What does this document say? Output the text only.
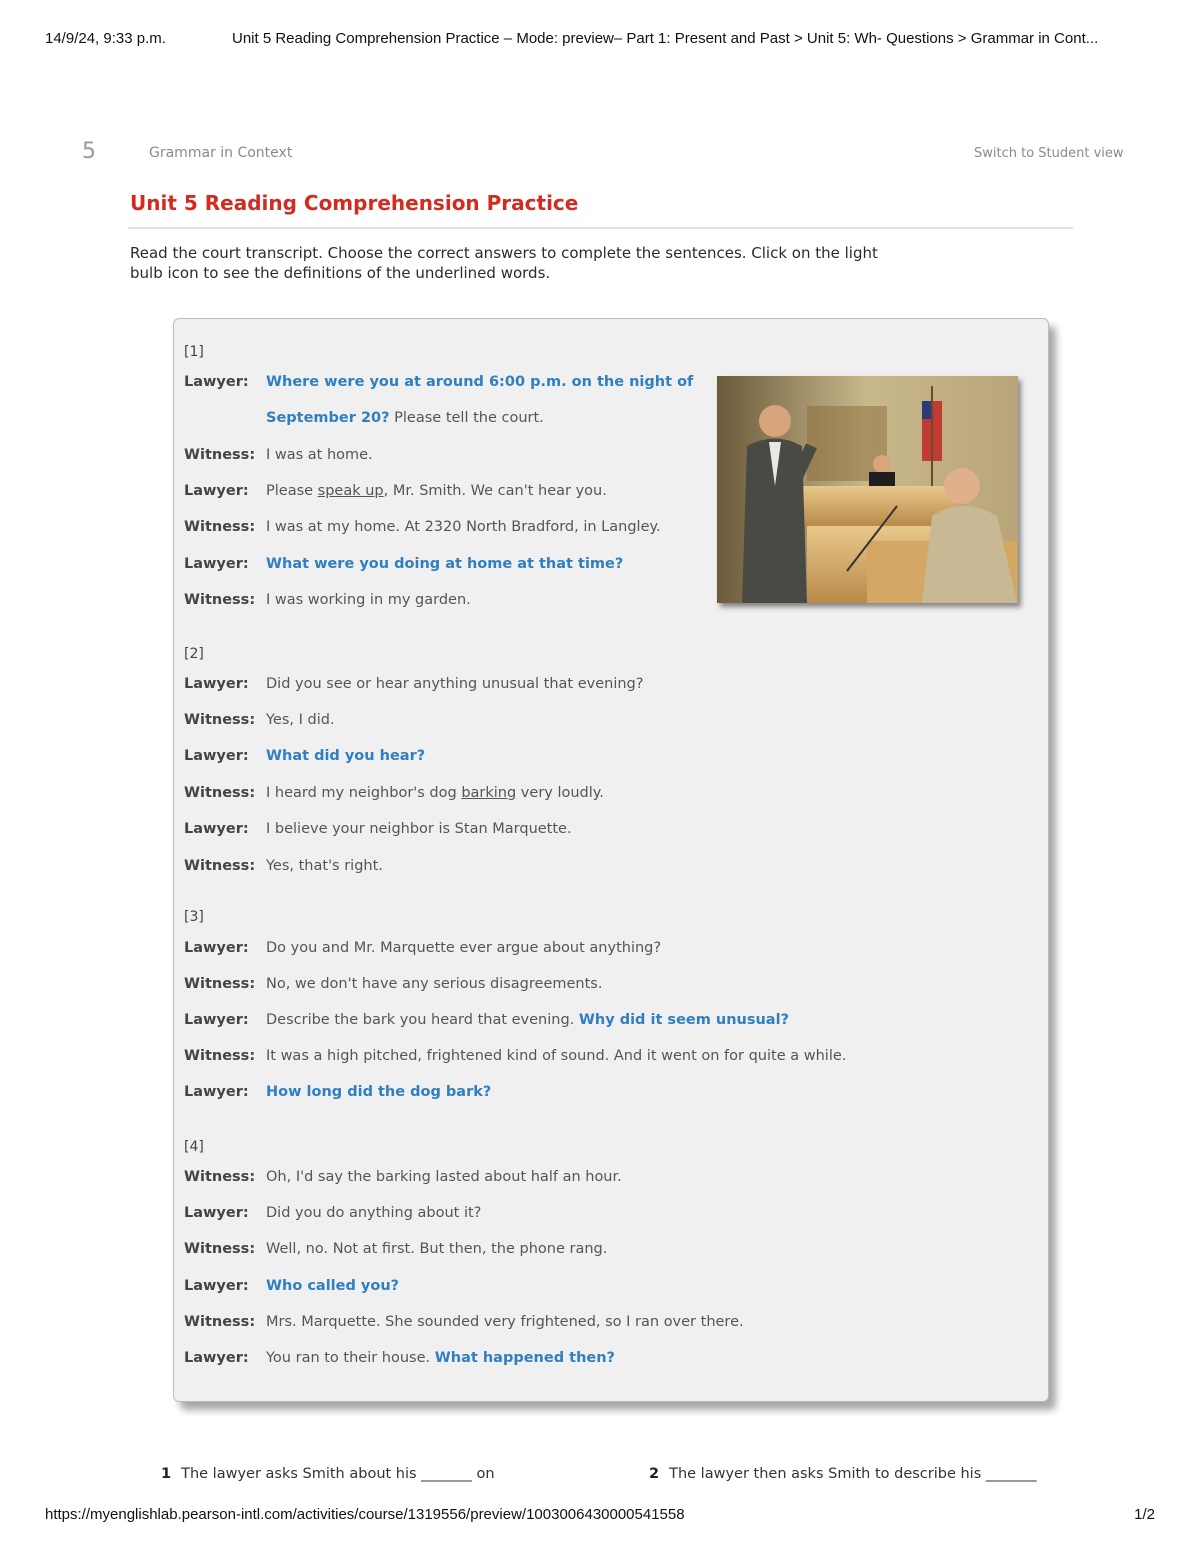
14/9/24, 9:33 p.m.	Unit 5 Reading Comprehension Practice – Mode: preview– Part 1: Present and Past > Unit 5: Wh- Questions > Grammar in Cont...
5	Grammar in Context	Switch to Student view
Unit 5 Reading Comprehension Practice
Read the court transcript. Choose the correct answers to complete the sentences. Click on the light bulb icon to see the definitions of the underlined words.
[1]
Lawyer: Where were you at around 6:00 p.m. on the night of
September 20? Please tell the court.
Witness: I was at home.
Lawyer: Please speak up, Mr. Smith. We can't hear you.
Witness: I was at my home. At 2320 North Bradford, in Langley.
Lawyer: What were you doing at home at that time?
Witness: I was working in my garden.
[2]
Lawyer: Did you see or hear anything unusual that evening?
Witness: Yes, I did.
Lawyer: What did you hear?
Witness: I heard my neighbor's dog barking very loudly.
Lawyer: I believe your neighbor is Stan Marquette.
Witness: Yes, that's right.
[3]
Lawyer: Do you and Mr. Marquette ever argue about anything?
Witness: No, we don't have any serious disagreements.
Lawyer: Describe the bark you heard that evening. Why did it seem unusual?
Witness: It was a high pitched, frightened kind of sound. And it went on for quite a while.
Lawyer: How long did the dog bark?
[4]
Witness: Oh, I'd say the barking lasted about half an hour.
Lawyer: Did you do anything about it?
Witness: Well, no. Not at first. But then, the phone rang.
Lawyer: Who called you?
Witness: Mrs. Marquette. She sounded very frightened, so I ran over there.
Lawyer: You ran to their house. What happened then?
1 The lawyer asks Smith about his _______ on	2 The lawyer then asks Smith to describe his _______
https://myenglishlab.pearson-intl.com/activities/course/1319556/preview/1003006430000541558	1/2
